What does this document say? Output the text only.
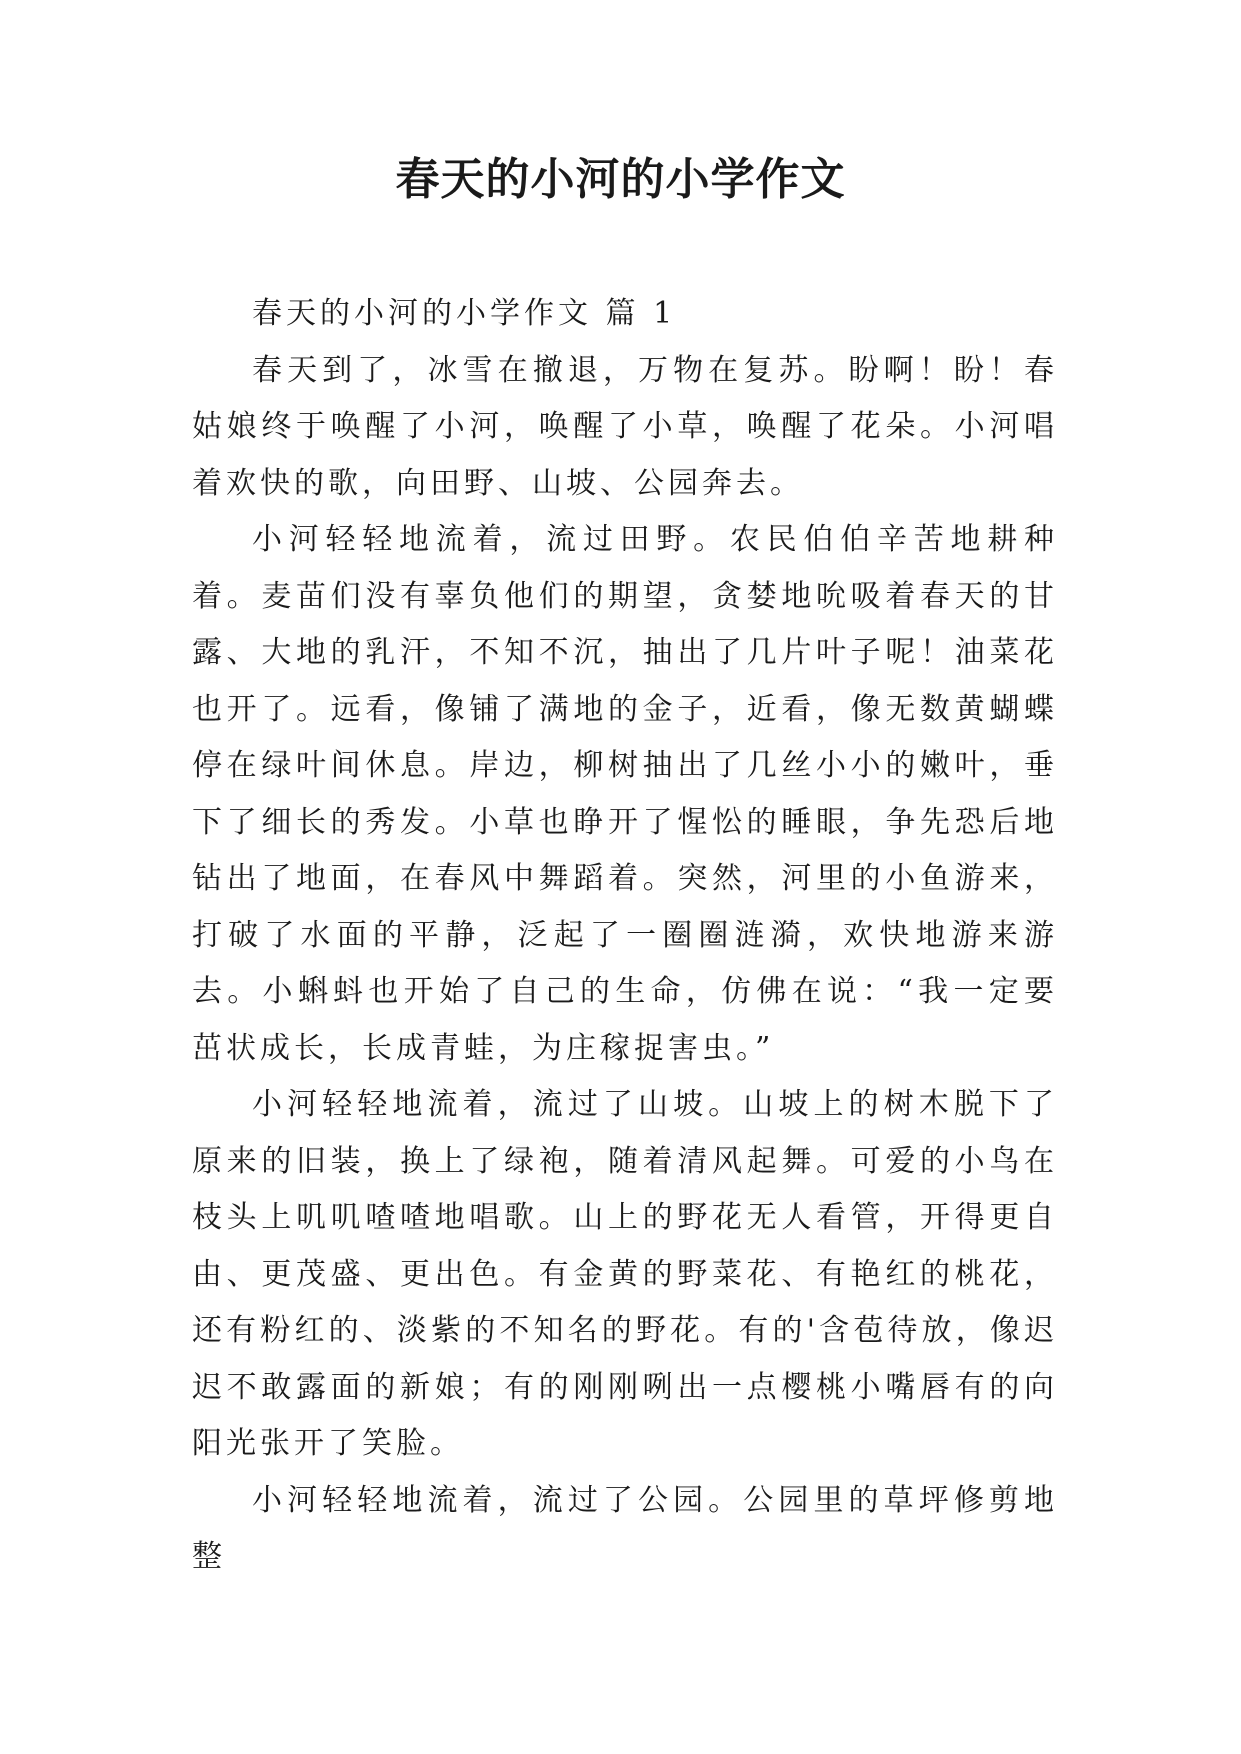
春天的小河的小学作文

春天的小河的小学作文 篇 1

春天到了，冰雪在撤退，万物在复苏。盼啊！盼！春姑娘终于唤醒了小河，唤醒了小草，唤醒了花朵。小河唱着欢快的歌，向田野、山坡、公园奔去。

小河轻轻地流着，流过田野。农民伯伯辛苦地耕种着。麦苗们没有辜负他们的期望，贪婪地吮吸着春天的甘露、大地的乳汗，不知不沉，抽出了几片叶子呢！油菜花也开了。远看，像铺了满地的金子，近看，像无数黄蝴蝶停在绿叶间休息。岸边，柳树抽出了几丝小小的嫩叶，垂下了细长的秀发。小草也睁开了惺忪的睡眼，争先恐后地钻出了地面，在春风中舞蹈着。突然，河里的小鱼游来，打破了水面的平静，泛起了一圈圈涟漪，欢快地游来游去。小蝌蚪也开始了自己的生命，仿佛在说：“我一定要茁状成长，长成青蛙，为庄稼捉害虫。”

小河轻轻地流着，流过了山坡。山坡上的树木脱下了原来的旧装，换上了绿袍，随着清风起舞。可爱的小鸟在枝头上叽叽喳喳地唱歌。山上的野花无人看管，开得更自由、更茂盛、更出色。有金黄的野菜花、有艳红的桃花，还有粉红的、淡紫的不知名的野花。有的'含苞待放，像迟迟不敢露面的新娘；有的刚刚咧出一点樱桃小嘴唇有的向阳光张开了笑脸。

小河轻轻地流着，流过了公园。公园里的草坪修剪地整
